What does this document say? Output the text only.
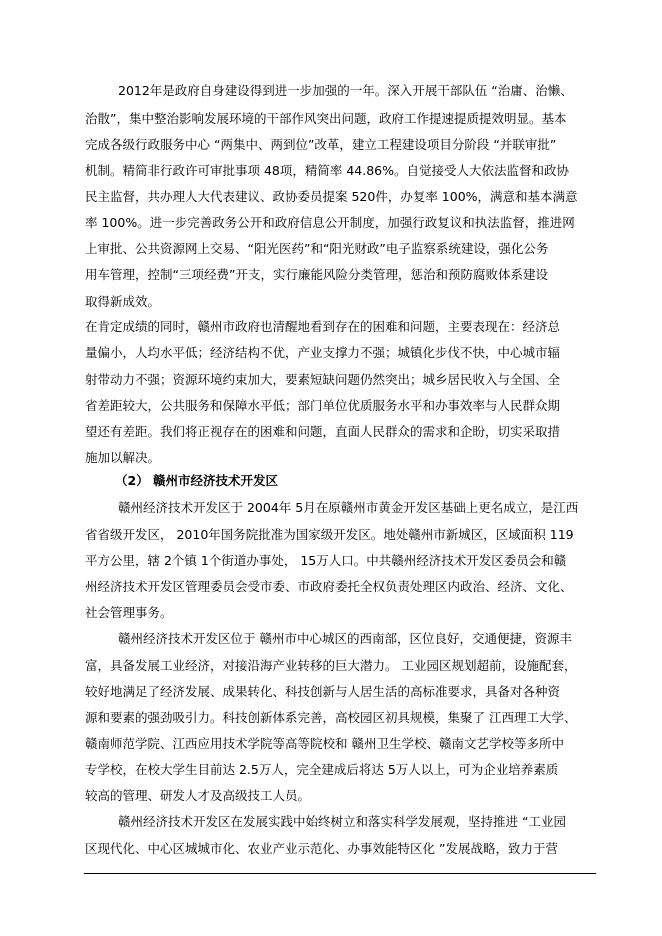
2012年是政府自身建设得到进一步加强的一年。深入开展干部队伍 “治庸、治懒、
治散”，集中整治影响发展环境的干部作风突出问题，政府工作提速提质提效明显。基本
完成各级行政服务中心 “两集中、两到位”改革，建立工程建设项目分阶段 “并联审批”
机制。精简非行政许可审批事项 48项，精简率 44.86%。自觉接受人大依法监督和政协
民主监督，共办理人大代表建议、政协委员提案 520件，办复率 100%，满意和基本满意
率 100%。进一步完善政务公开和政府信息公开制度，加强行政复议和执法监督，推进网
上审批、公共资源网上交易、“阳光医药”和“阳光财政”电子监察系统建设，强化公务
用车管理，控制“三项经费”开支，实行廉能风险分类管理，惩治和预防腐败体系建设
取得新成效。
在肯定成绩的同时，赣州市政府也清醒地看到存在的困难和问题，主要表现在：经济总
量偏小，人均水平低；经济结构不优，产业支撑力不强；城镇化步伐不快，中心城市辐
射带动力不强；资源环境约束加大，要素短缺问题仍然突出；城乡居民收入与全国、全
省差距较大，公共服务和保障水平低；部门单位优质服务水平和办事效率与人民群众期
望还有差距。我们将正视存在的困难和问题，直面人民群众的需求和企盼，切实采取措
施加以解决。
（2） 赣州市经济技术开发区
赣州经济技术开发区于 2004年 5月在原赣州市黄金开发区基础上更名成立，是江西
省省级开发区， 2010年国务院批准为国家级开发区。地处赣州市新城区，区域面积 119
平方公里，辖 2个镇 1个街道办事处， 15万人口。中共赣州经济技术开发区委员会和赣
州经济技术开发区管理委员会受市委、市政府委托全权负责处理区内政治、经济、文化、
社会管理事务。
赣州经济技术开发区位于 赣州市中心城区的西南部，区位良好，交通便捷，资源丰
富，具备发展工业经济，对接沿海产业转移的巨大潜力。 工业园区规划超前，设施配套，
较好地满足了经济发展、成果转化、科技创新与人居生活的高标准要求，具备对各种资
源和要素的强劲吸引力。科技创新体系完善，高校园区初具规模，集聚了 江西理工大学、
赣南师范学院、江西应用技术学院等高等院校和 赣州卫生学校、赣南文艺学校等多所中
专学校，在校大学生目前达 2.5万人，完全建成后将达 5万人以上，可为企业培养素质
较高的管理、研发人才及高级技工人员。
赣州经济技术开发区在发展实践中始终树立和落实科学发展观，坚持推进 “工业园
区现代化、中心区城城市化、农业产业示范化、办事效能特区化 ”发展战略，致力于营
